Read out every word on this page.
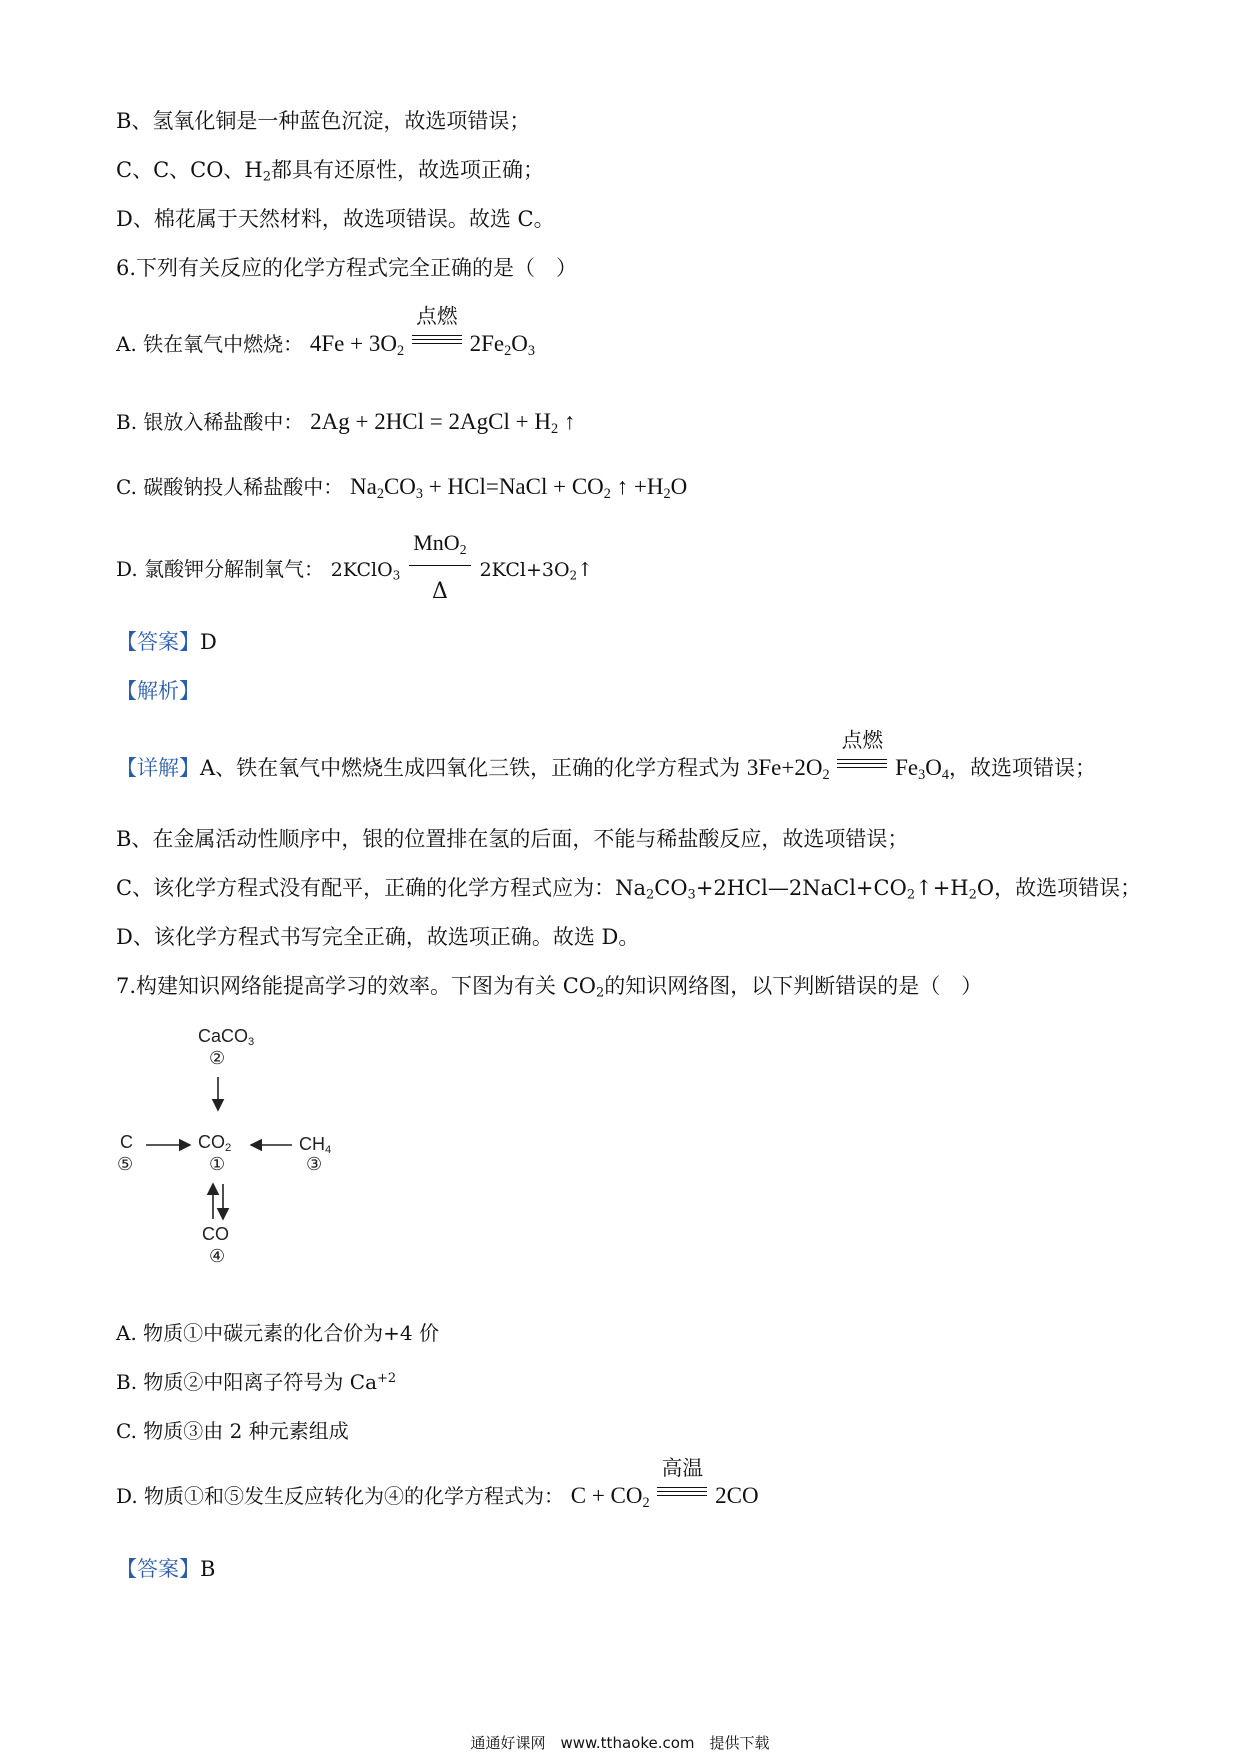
B、氢氧化铜是一种蓝色沉淀，故选项错误；
C、C、CO、$H_2$都具有还原性，故选项正确；
D、棉花属于天然材料，故选项错误。故选 C。
6.下列有关反应的化学方程式完全正确的是（　）
A. 铁在氧气中燃烧： $4Fe + 3O_2$
点燃
$2Fe_2O_3$
B. 银放入稀盐酸中： 2Ag + 2HCl = 2AgCl + $H_2$ ↑
C. 碳酸钠投人稀盐酸中： $Na_2CO_3$ + HCl=NaCl + $CO_2$ ↑ $+H_2O$
D. 氯酸钾分解制氧气： 2KClO$_3$
MnO$_2$
Δ
$2KCl+3O_2↑$
【答案】D
【解析】
【详解】A、铁在氧气中燃烧生成四氧化三铁，正确的化学方程式为 $3Fe+2O_2$
点燃
$Fe_3O_4$，故选项错误；
B、在金属活动性顺序中，银的位置排在氢的后面，不能与稀盐酸反应，故选项错误；
C、该化学方程式没有配平，正确的化学方程式应为：$Na_2CO_3+2HCl—2NaCl+CO_2↑+H_2O$，故选项错误；
D、该化学方程式书写完全正确，故选项正确。故选 D。
7.构建知识网络能提高学习的效率。下图为有关 $CO_2$的知识网络图，以下判断错误的是（　）
CaCO$_3$
②
$CO_2$
①
C
⑤
$CH_4$
③
CO
④
A. 物质①中碳元素的化合价为+4 价
B. 物质②中阳离子符号为 $Ca^{+2}$
C. 物质③由 2 种元素组成
D. 物质①和⑤发生反应转化为④的化学方程式为： $C + CO_2$
高温
2CO
【答案】B
通通好课网　www.tthaoke.com　提供下载
